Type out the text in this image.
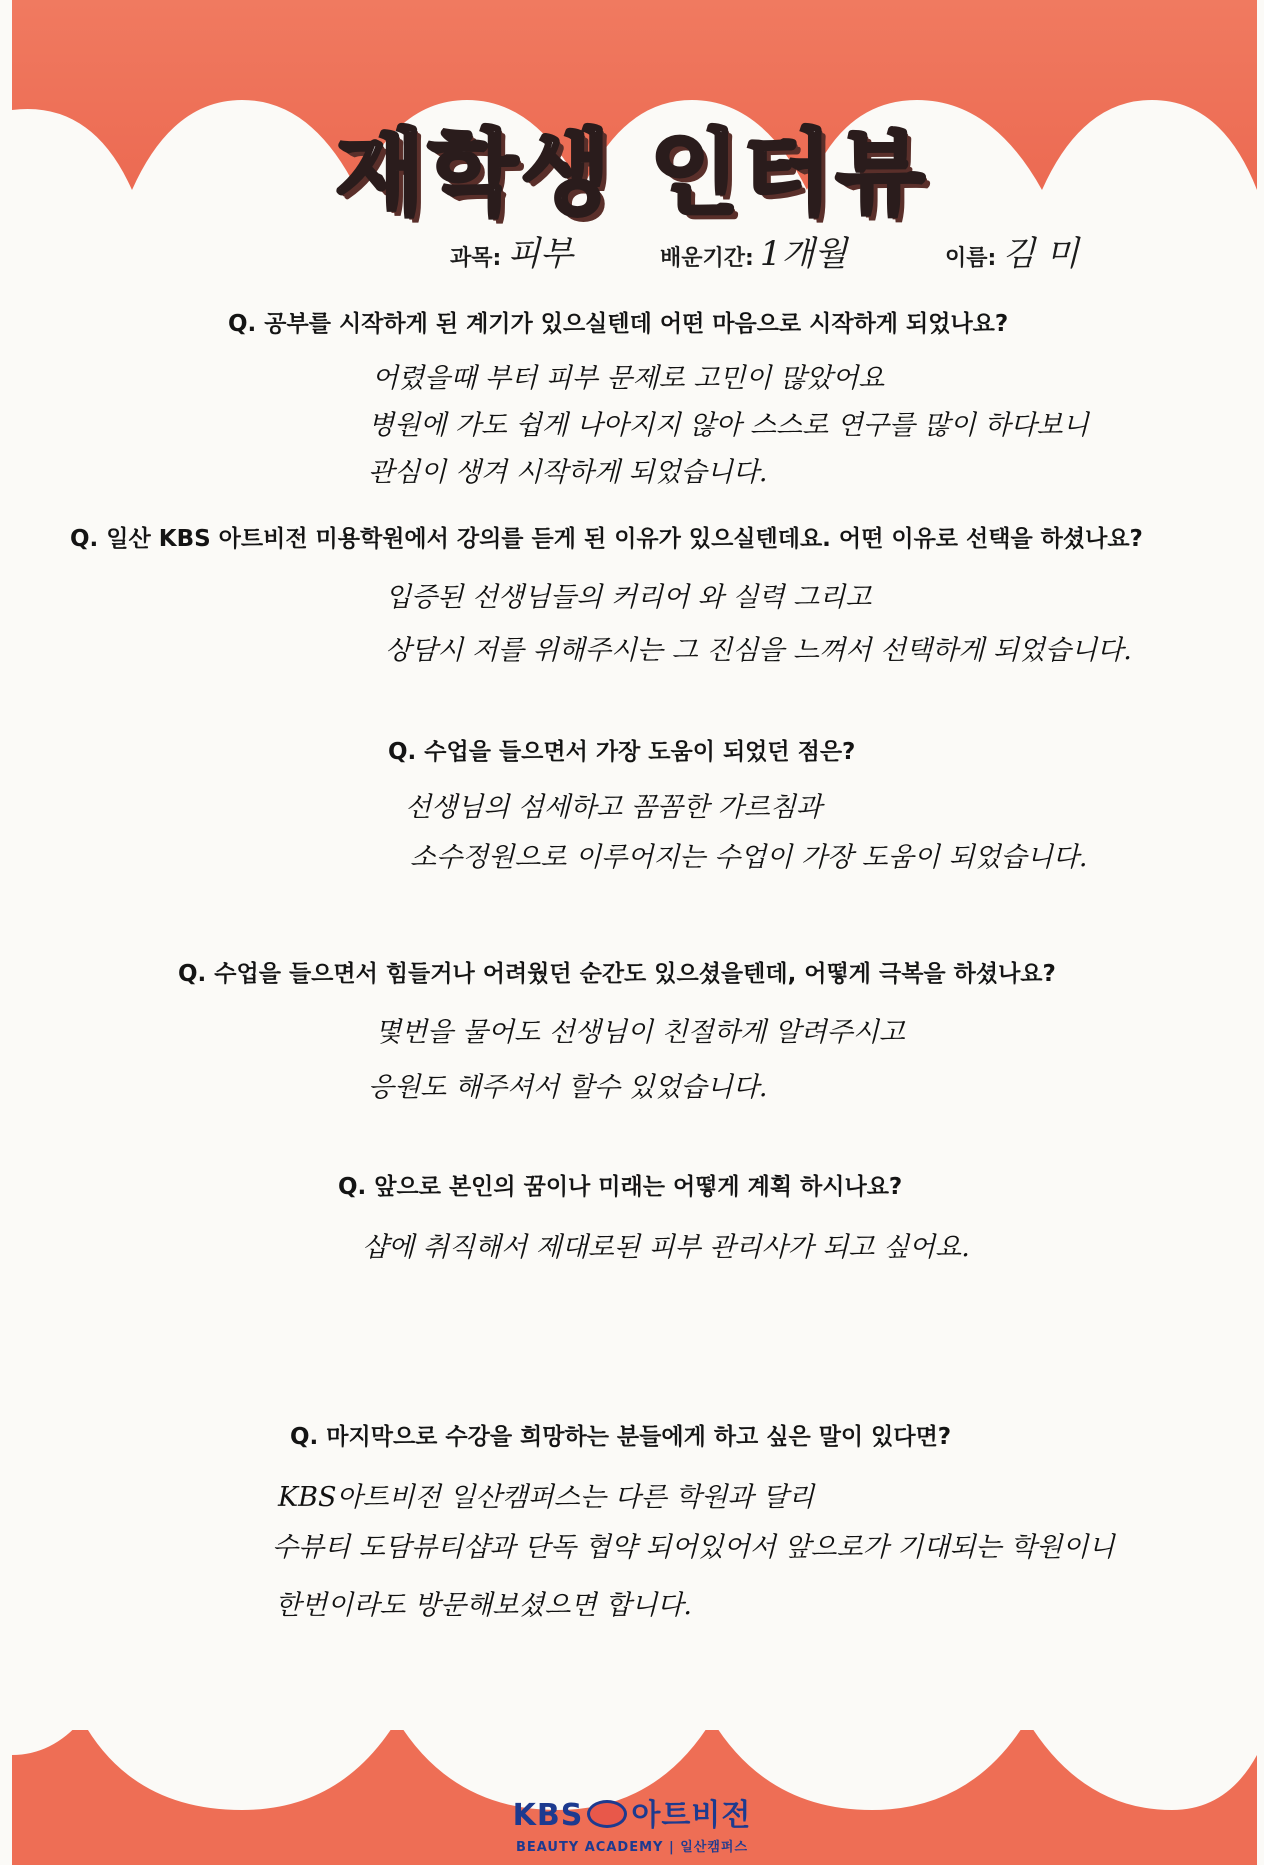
재학생 인터뷰
과목: 피부	배운기간: 1개월	이름: 김 미
Q. 공부를 시작하게 된 계기가 있으실텐데 어떤 마음으로 시작하게 되었나요?
어렸을때 부터 피부 문제로 고민이 많았어요
병원에 가도 쉽게 나아지지 않아 스스로 연구를 많이 하다보니
관심이 생겨 시작하게 되었습니다.
Q. 일산 KBS 아트비전 미용학원에서 강의를 듣게 된 이유가 있으실텐데요. 어떤 이유로 선택을 하셨나요?
입증된 선생님들의 커리어 와 실력 그리고
상담시 저를 위해주시는 그 진심을 느껴서 선택하게 되었습니다.
Q. 수업을 들으면서 가장 도움이 되었던 점은?
선생님의 섬세하고 꼼꼼한 가르침과
소수정원으로 이루어지는 수업이 가장 도움이 되었습니다.
Q. 수업을 들으면서 힘들거나 어려웠던 순간도 있으셨을텐데, 어떻게 극복을 하셨나요?
몇번을 물어도 선생님이 친절하게 알려주시고
응원도 해주셔서 할수 있었습니다.
Q. 앞으로 본인의 꿈이나 미래는 어떻게 계획 하시나요?
샵에 취직해서 제대로된 피부 관리사가 되고 싶어요.
Q. 마지막으로 수강을 희망하는 분들에게 하고 싶은 말이 있다면?
KBS아트비전 일산캠퍼스는 다른 학원과 달리
수뷰티 도담뷰티샵과 단독 협약 되어있어서 앞으로가 기대되는 학원이니
한번이라도 방문해보셨으면 합니다.
KBS 아트비전
BEAUTY ACADEMY | 일산캠퍼스
